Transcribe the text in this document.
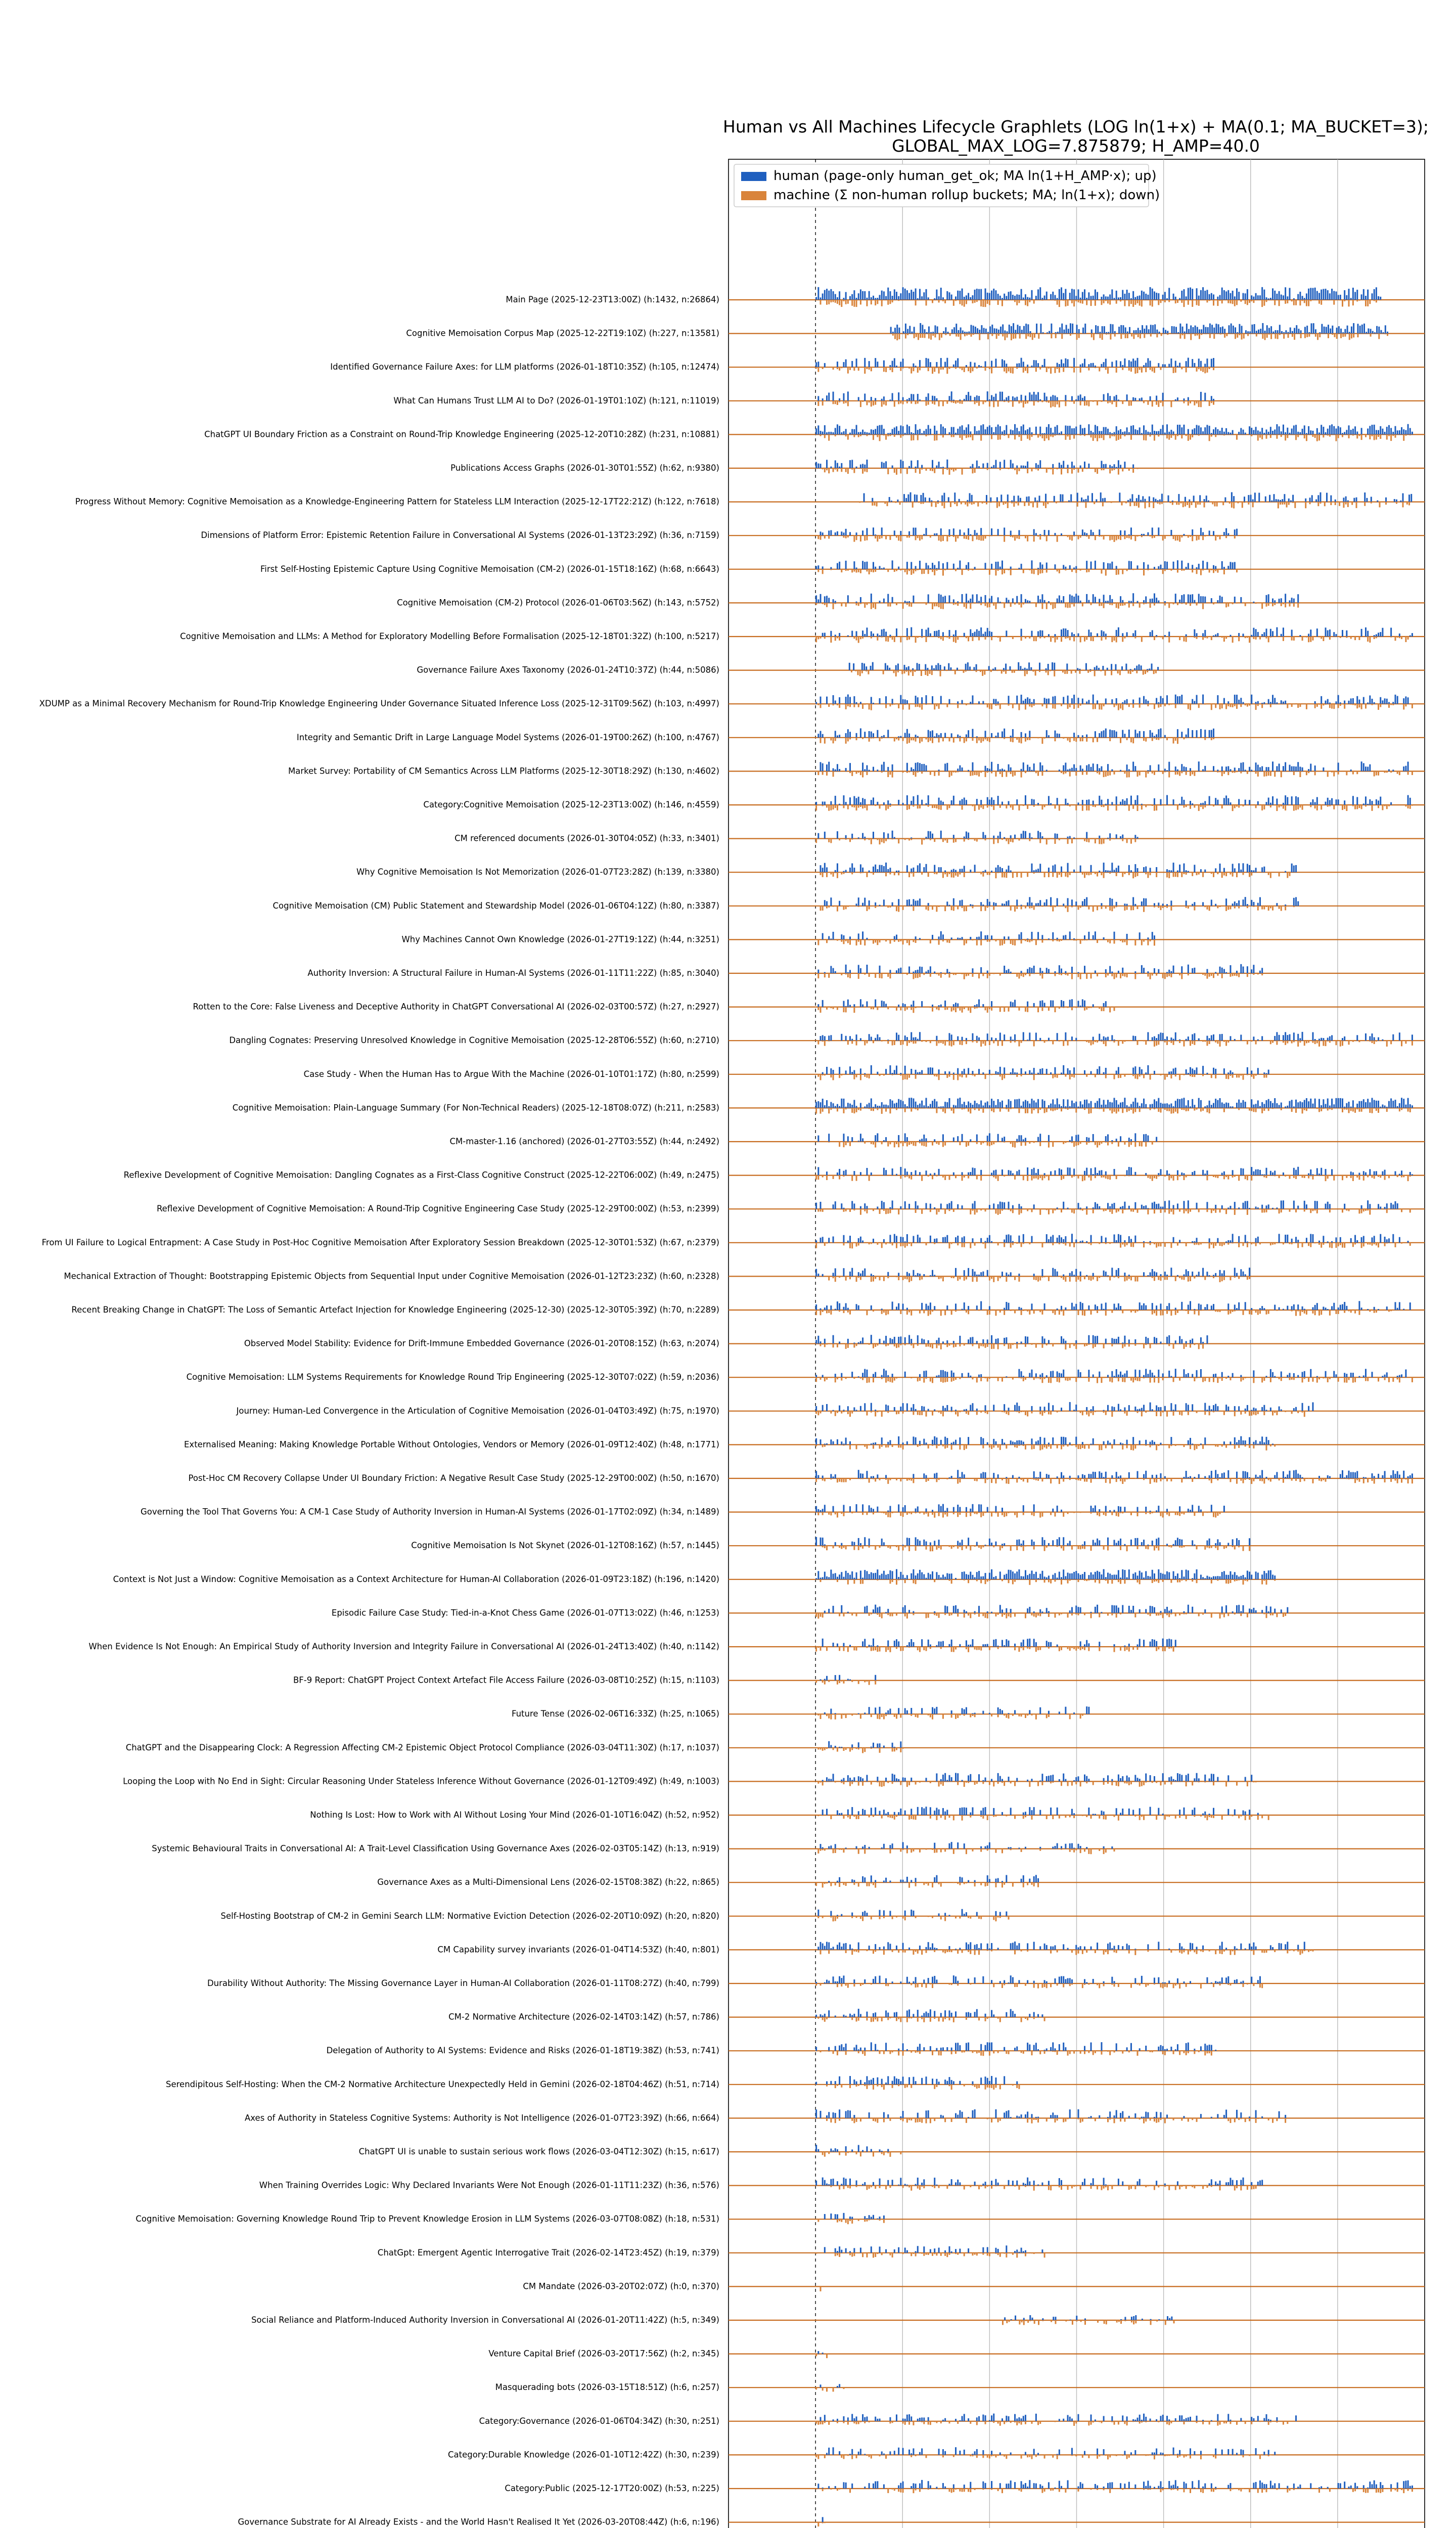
Human vs All Machines Lifecycle Graphlets (LOG ln(1+x) + MA(0.1; MA_BUCKET=3);
GLOBAL_MAX_LOG=7.875879; H_AMP=40.0
Main Page (2025-12-23T13:00Z) (h:1432, n:26864)
Cognitive Memoisation Corpus Map (2025-12-22T19:10Z) (h:227, n:13581)
Identified Governance Failure Axes: for LLM platforms (2026-01-18T10:35Z) (h:105, n:12474)
What Can Humans Trust LLM AI to Do? (2026-01-19T01:10Z) (h:121, n:11019)
ChatGPT UI Boundary Friction as a Constraint on Round-Trip Knowledge Engineering (2025-12-20T10:28Z) (h:231, n:10881)
Publications Access Graphs (2026-01-30T01:55Z) (h:62, n:9380)
Progress Without Memory: Cognitive Memoisation as a Knowledge-Engineering Pattern for Stateless LLM Interaction (2025-12-17T22:21Z) (h:122, n:7618)
Dimensions of Platform Error: Epistemic Retention Failure in Conversational AI Systems (2026-01-13T23:29Z) (h:36, n:7159)
First Self-Hosting Epistemic Capture Using Cognitive Memoisation (CM-2) (2026-01-15T18:16Z) (h:68, n:6643)
Cognitive Memoisation (CM-2) Protocol (2026-01-06T03:56Z) (h:143, n:5752)
Cognitive Memoisation and LLMs: A Method for Exploratory Modelling Before Formalisation (2025-12-18T01:32Z) (h:100, n:5217)
Governance Failure Axes Taxonomy (2026-01-24T10:37Z) (h:44, n:5086)
XDUMP as a Minimal Recovery Mechanism for Round-Trip Knowledge Engineering Under Governance Situated Inference Loss (2025-12-31T09:56Z) (h:103, n:4997)
Integrity and Semantic Drift in Large Language Model Systems (2026-01-19T00:26Z) (h:100, n:4767)
Market Survey: Portability of CM Semantics Across LLM Platforms (2025-12-30T18:29Z) (h:130, n:4602)
Category:Cognitive Memoisation (2025-12-23T13:00Z) (h:146, n:4559)
CM referenced documents (2026-01-30T04:05Z) (h:33, n:3401)
Why Cognitive Memoisation Is Not Memorization (2026-01-07T23:28Z) (h:139, n:3380)
Cognitive Memoisation (CM) Public Statement and Stewardship Model (2026-01-06T04:12Z) (h:80, n:3387)
Why Machines Cannot Own Knowledge (2026-01-27T19:12Z) (h:44, n:3251)
Authority Inversion: A Structural Failure in Human-AI Systems (2026-01-11T11:22Z) (h:85, n:3040)
Rotten to the Core: False Liveness and Deceptive Authority in ChatGPT Conversational AI (2026-02-03T00:57Z) (h:27, n:2927)
Dangling Cognates: Preserving Unresolved Knowledge in Cognitive Memoisation (2025-12-28T06:55Z) (h:60, n:2710)
Case Study - When the Human Has to Argue With the Machine (2026-01-10T01:17Z) (h:80, n:2599)
Cognitive Memoisation: Plain-Language Summary (For Non-Technical Readers) (2025-12-18T08:07Z) (h:211, n:2583)
CM-master-1.16 (anchored) (2026-01-27T03:55Z) (h:44, n:2492)
Reflexive Development of Cognitive Memoisation: Dangling Cognates as a First-Class Cognitive Construct (2025-12-22T06:00Z) (h:49, n:2475)
Reflexive Development of Cognitive Memoisation: A Round-Trip Cognitive Engineering Case Study (2025-12-29T00:00Z) (h:53, n:2399)
From UI Failure to Logical Entrapment: A Case Study in Post-Hoc Cognitive Memoisation After Exploratory Session Breakdown (2025-12-30T01:53Z) (h:67, n:2379)
Mechanical Extraction of Thought: Bootstrapping Epistemic Objects from Sequential Input under Cognitive Memoisation (2026-01-12T23:23Z) (h:60, n:2328)
Recent Breaking Change in ChatGPT: The Loss of Semantic Artefact Injection for Knowledge Engineering (2025-12-30) (2025-12-30T05:39Z) (h:70, n:2289)
Observed Model Stability: Evidence for Drift-Immune Embedded Governance (2026-01-20T08:15Z) (h:63, n:2074)
Cognitive Memoisation: LLM Systems Requirements for Knowledge Round Trip Engineering (2025-12-30T07:02Z) (h:59, n:2036)
Journey: Human-Led Convergence in the Articulation of Cognitive Memoisation (2026-01-04T03:49Z) (h:75, n:1970)
Externalised Meaning: Making Knowledge Portable Without Ontologies, Vendors or Memory (2026-01-09T12:40Z) (h:48, n:1771)
Post-Hoc CM Recovery Collapse Under UI Boundary Friction: A Negative Result Case Study (2025-12-29T00:00Z) (h:50, n:1670)
Governing the Tool That Governs You: A CM-1 Case Study of Authority Inversion in Human-AI Systems (2026-01-17T02:09Z) (h:34, n:1489)
Cognitive Memoisation Is Not Skynet (2026-01-12T08:16Z) (h:57, n:1445)
Context is Not Just a Window: Cognitive Memoisation as a Context Architecture for Human-AI Collaboration (2026-01-09T23:18Z) (h:196, n:1420)
Episodic Failure Case Study: Tied-in-a-Knot Chess Game (2026-01-07T13:02Z) (h:46, n:1253)
When Evidence Is Not Enough: An Empirical Study of Authority Inversion and Integrity Failure in Conversational AI (2026-01-24T13:40Z) (h:40, n:1142)
BF-9 Report: ChatGPT Project Context Artefact File Access Failure (2026-03-08T10:25Z) (h:15, n:1103)
Future Tense (2026-02-06T16:33Z) (h:25, n:1065)
ChatGPT and the Disappearing Clock: A Regression Affecting CM-2 Epistemic Object Protocol Compliance (2026-03-04T11:30Z) (h:17, n:1037)
Looping the Loop with No End in Sight: Circular Reasoning Under Stateless Inference Without Governance (2026-01-12T09:49Z) (h:49, n:1003)
Nothing Is Lost: How to Work with AI Without Losing Your Mind (2026-01-10T16:04Z) (h:52, n:952)
Systemic Behavioural Traits in Conversational AI: A Trait-Level Classification Using Governance Axes (2026-02-03T05:14Z) (h:13, n:919)
Governance Axes as a Multi-Dimensional Lens (2026-02-15T08:38Z) (h:22, n:865)
Self-Hosting Bootstrap of CM-2 in Gemini Search LLM: Normative Eviction Detection (2026-02-20T10:09Z) (h:20, n:820)
CM Capability survey invariants (2026-01-04T14:53Z) (h:40, n:801)
Durability Without Authority: The Missing Governance Layer in Human-AI Collaboration (2026-01-11T08:27Z) (h:40, n:799)
CM-2 Normative Architecture (2026-02-14T03:14Z) (h:57, n:786)
Delegation of Authority to AI Systems: Evidence and Risks (2026-01-18T19:38Z) (h:53, n:741)
Serendipitous Self-Hosting: When the CM-2 Normative Architecture Unexpectedly Held in Gemini (2026-02-18T04:46Z) (h:51, n:714)
Axes of Authority in Stateless Cognitive Systems: Authority is Not Intelligence (2026-01-07T23:39Z) (h:66, n:664)
ChatGPT UI is unable to sustain serious work flows (2026-03-04T12:30Z) (h:15, n:617)
When Training Overrides Logic: Why Declared Invariants Were Not Enough (2026-01-11T11:23Z) (h:36, n:576)
Cognitive Memoisation: Governing Knowledge Round Trip to Prevent Knowledge Erosion in LLM Systems (2026-03-07T08:08Z) (h:18, n:531)
ChatGpt: Emergent Agentic Interrogative Trait (2026-02-14T23:45Z) (h:19, n:379)
CM Mandate (2026-03-20T02:07Z) (h:0, n:370)
Social Reliance and Platform-Induced Authority Inversion in Conversational AI (2026-01-20T11:42Z) (h:5, n:349)
Venture Capital Brief (2026-03-20T17:56Z) (h:2, n:345)
Masquerading bots (2026-03-15T18:51Z) (h:6, n:257)
Category:Governance (2026-01-06T04:34Z) (h:30, n:251)
Category:Durable Knowledge (2026-01-10T12:42Z) (h:30, n:239)
Category:Public (2025-12-17T20:00Z) (h:53, n:225)
Governance Substrate for AI Already Exists - and the World Hasn't Realised It Yet (2026-03-20T08:44Z) (h:6, n:196)
human (page-only human_get_ok; MA ln(1+H_AMP·x); up)
machine (Σ non-human rollup buckets; MA; ln(1+x); down)
